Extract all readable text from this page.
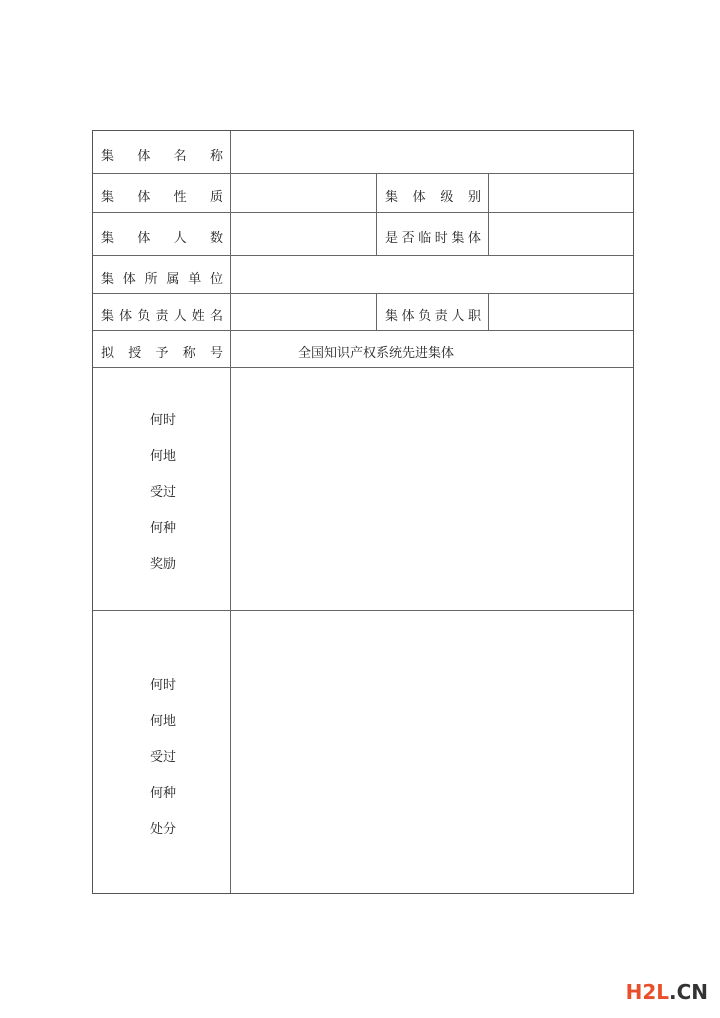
集 体 名 称
集 体 性 质	集 体 级 别
集 体 人 数	是 否 临 时 集 体
集 体 所 属 单 位
集 体 负 责 人 姓 名	集 体 负 责 人 职
拟 授 予 称 号	全国知识产权系统先进集体
何时
何地
受过
何种
奖励
何时
何地
受过
何种
处分
H2L.CN
